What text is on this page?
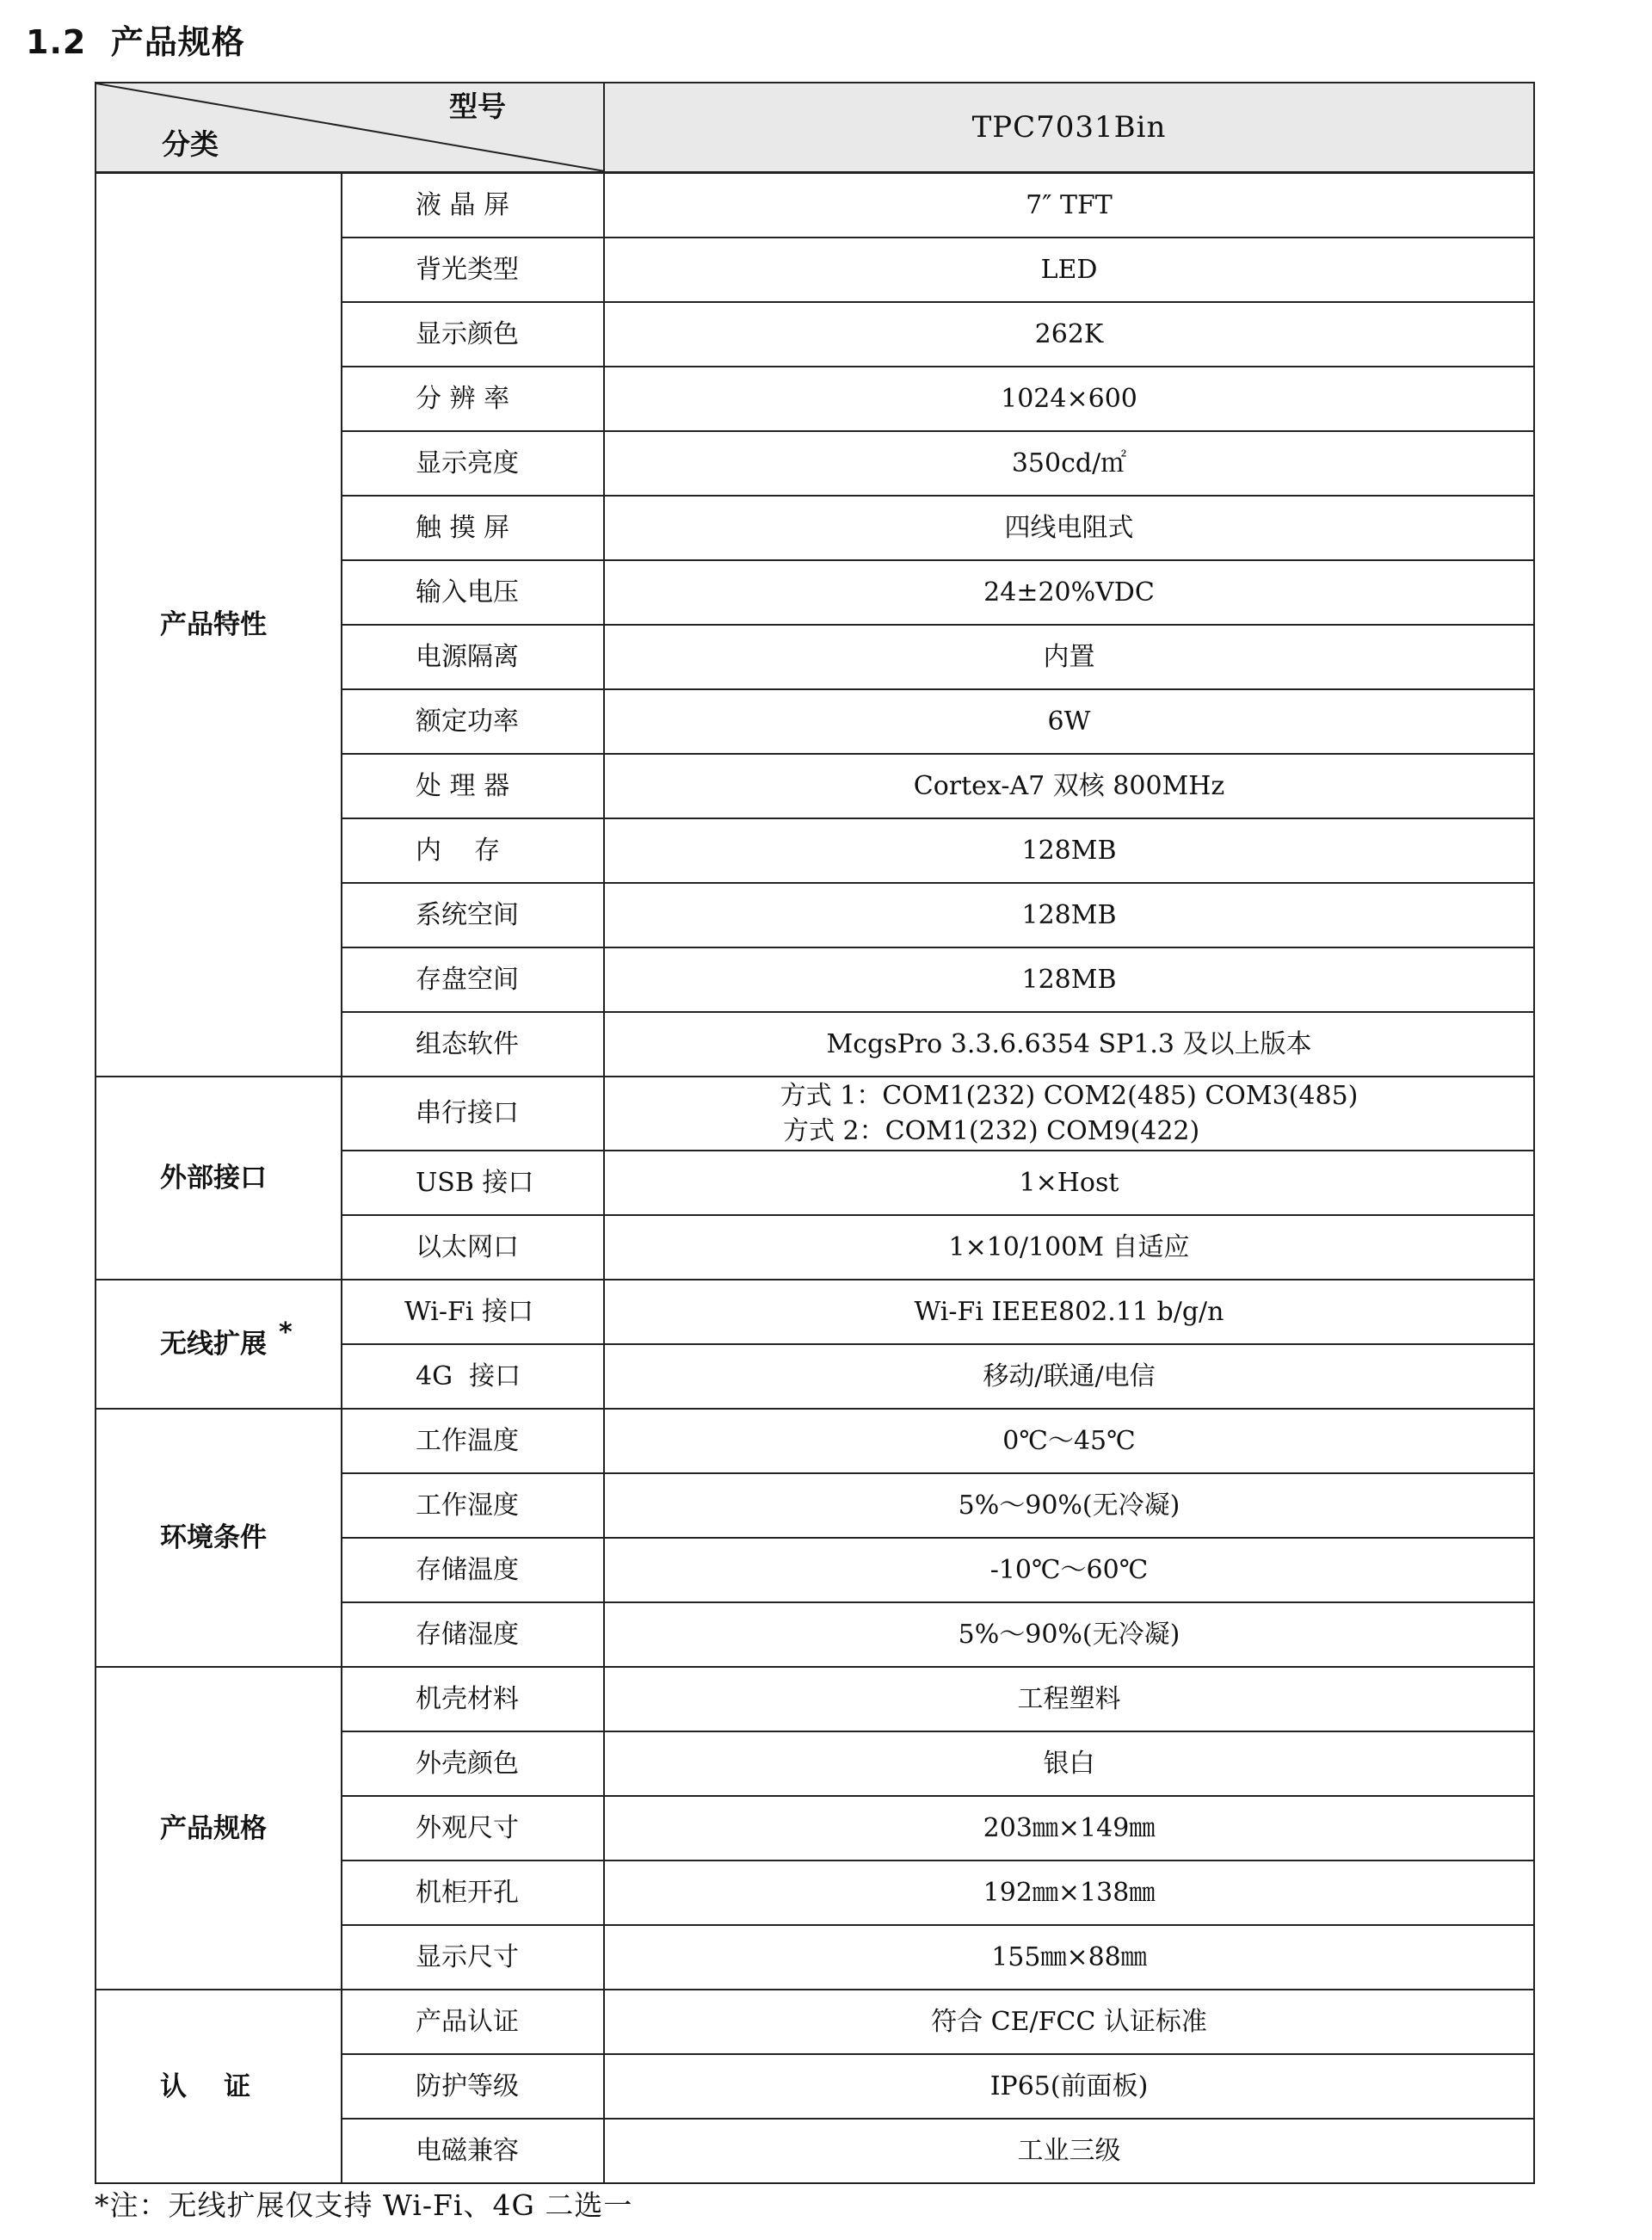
1.2 产品规格
型号
分类		TPC7031Bin
产品特性	液 晶 屏	7″ TFT
	背光类型	LED
	显示颜色	262K
	分 辨 率	1024×600
	显示亮度	350cd/㎡
	触 摸 屏	四线电阻式
	输入电压	24±20%VDC
	电源隔离	内置
	额定功率	6W
	处 理 器	Cortex-A7 双核 800MHz
	内    存	128MB
	系统空间	128MB
	存盘空间	128MB
	组态软件	McgsPro 3.3.6.6354 SP1.3 及以上版本
外部接口	串行接口	方式 1：COM1(232) COM2(485) COM3(485)
方式 2：COM1(232) COM9(422)

	USB 接口	1×Host
	以太网口	1×10/100M 自适应
无线扩展 *	Wi-Fi 接口	Wi-Fi IEEE802.11 b/g/n
	4G  接口	移动/联通/电信
环境条件	工作温度	0℃～45℃
	工作湿度	5%～90%(无冷凝)
	存储温度	-10℃～60℃
	存储湿度	5%～90%(无冷凝)
产品规格	机壳材料	工程塑料
	外壳颜色	银白
	外观尺寸	203㎜×149㎜
	机柜开孔	192㎜×138㎜
	显示尺寸	155㎜×88㎜
认    证	产品认证	符合 CE/FCC 认证标准
	防护等级	IP65(前面板)
	电磁兼容	工业三级
*注：无线扩展仅支持 Wi-Fi、4G 二选一
